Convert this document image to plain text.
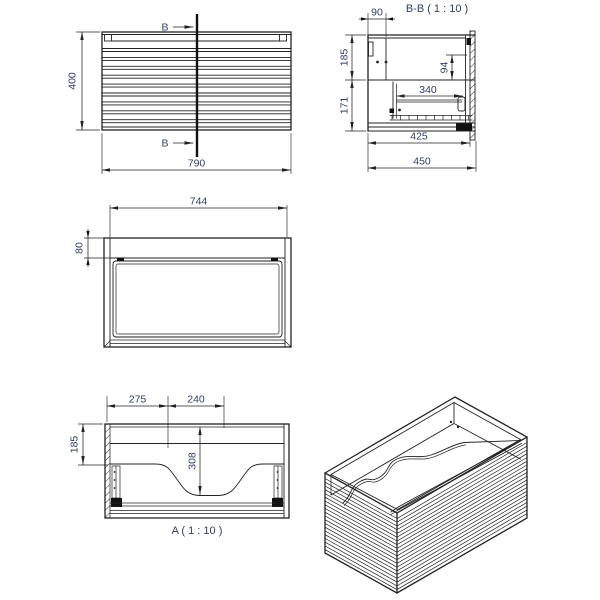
B
B
400
790
B-B ( 1 : 10 )
94
340
90
185
171
425
450
744
80
275	240
185
308
A ( 1 : 10 )
